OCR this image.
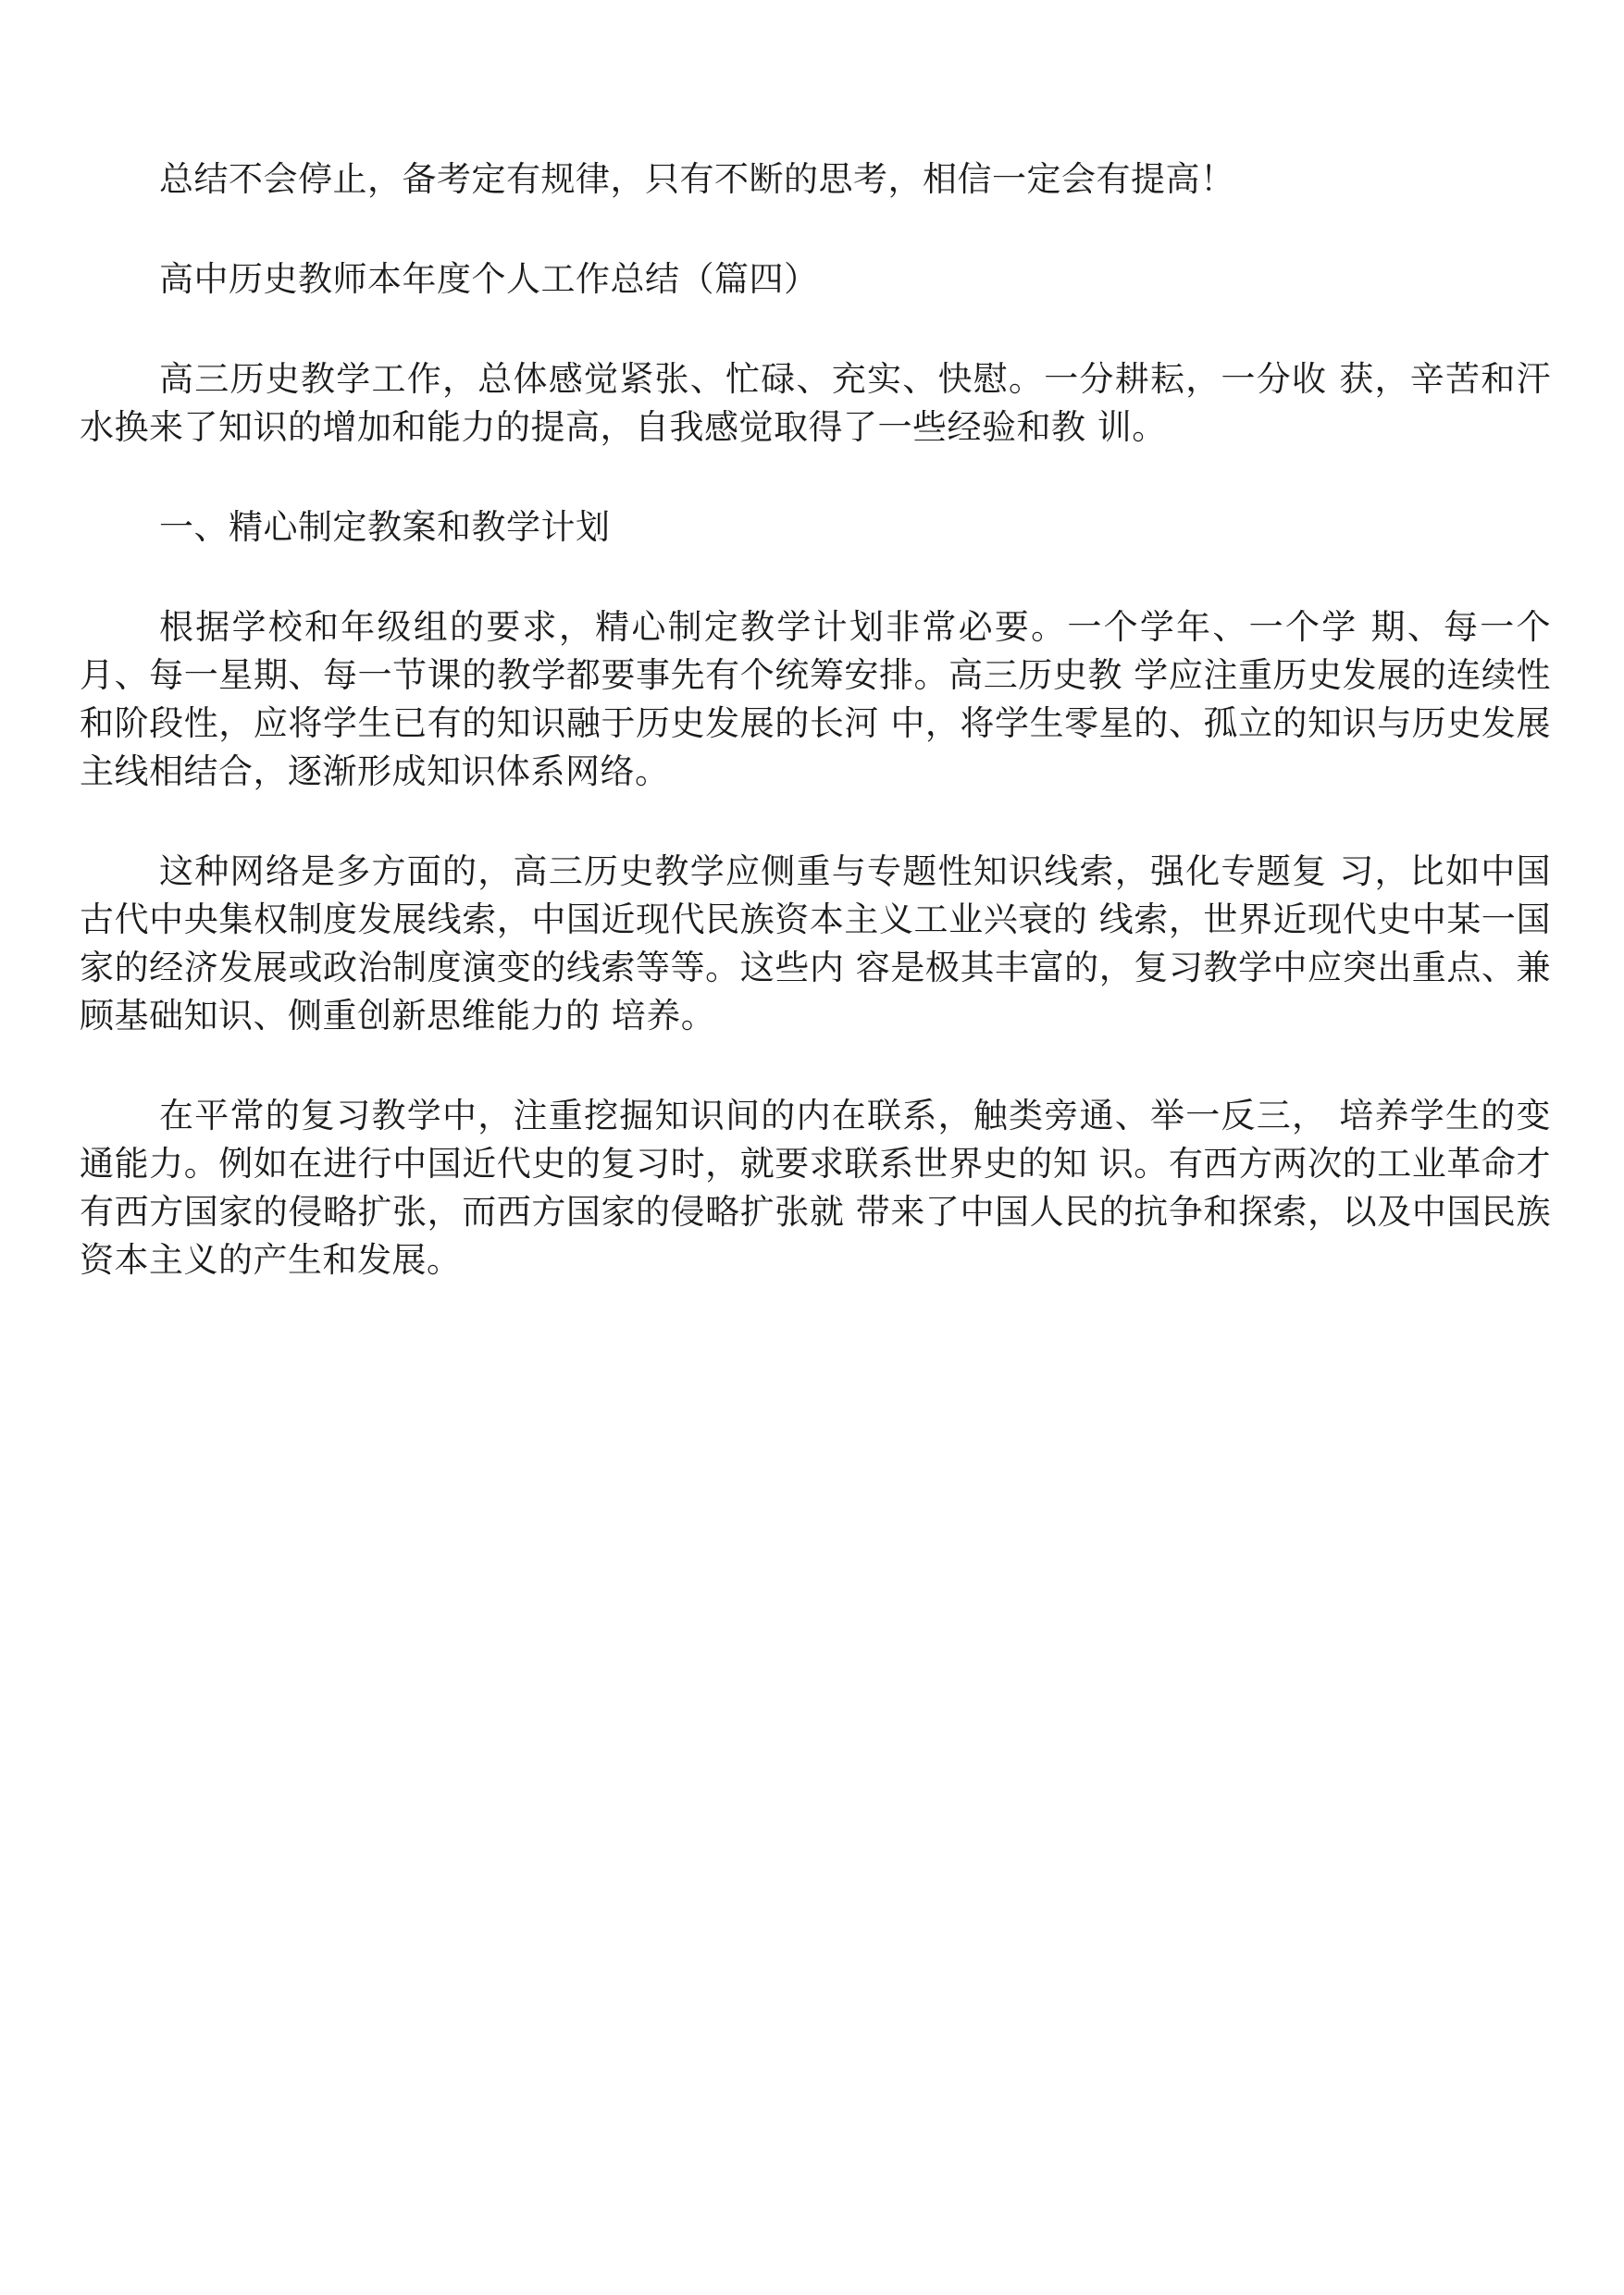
总结不会停止，备考定有规律，只有不断的思考，相信一定会有提高！

高中历史教师本年度个人工作总结（篇四）

高三历史教学工作，总体感觉紧张、忙碌、充实、快慰。一分耕耘，一分收 获，辛苦和汗水换来了知识的增加和能力的提高，自我感觉取得了一些经验和教 训。

一、精心制定教案和教学计划

根据学校和年级组的要求，精心制定教学计划非常必要。一个学年、一个学 期、每一个月、每一星期、每一节课的教学都要事先有个统筹安排。高三历史教 学应注重历史发展的连续性和阶段性，应将学生已有的知识融于历史发展的长河 中，将学生零星的、孤立的知识与历史发展主线相结合，逐渐形成知识体系网络。

这种网络是多方面的，高三历史教学应侧重与专题性知识线索，强化专题复 习，比如中国古代中央集权制度发展线索，中国近现代民族资本主义工业兴衰的 线索，世界近现代史中某一国家的经济发展或政治制度演变的线索等等。这些内 容是极其丰富的，复习教学中应突出重点、兼顾基础知识、侧重创新思维能力的 培养。

在平常的复习教学中，注重挖掘知识间的内在联系，触类旁通、举一反三， 培养学生的变通能力。例如在进行中国近代史的复习时，就要求联系世界史的知 识。有西方两次的工业革命才有西方国家的侵略扩张，而西方国家的侵略扩张就 带来了中国人民的抗争和探索，以及中国民族资本主义的产生和发展。
